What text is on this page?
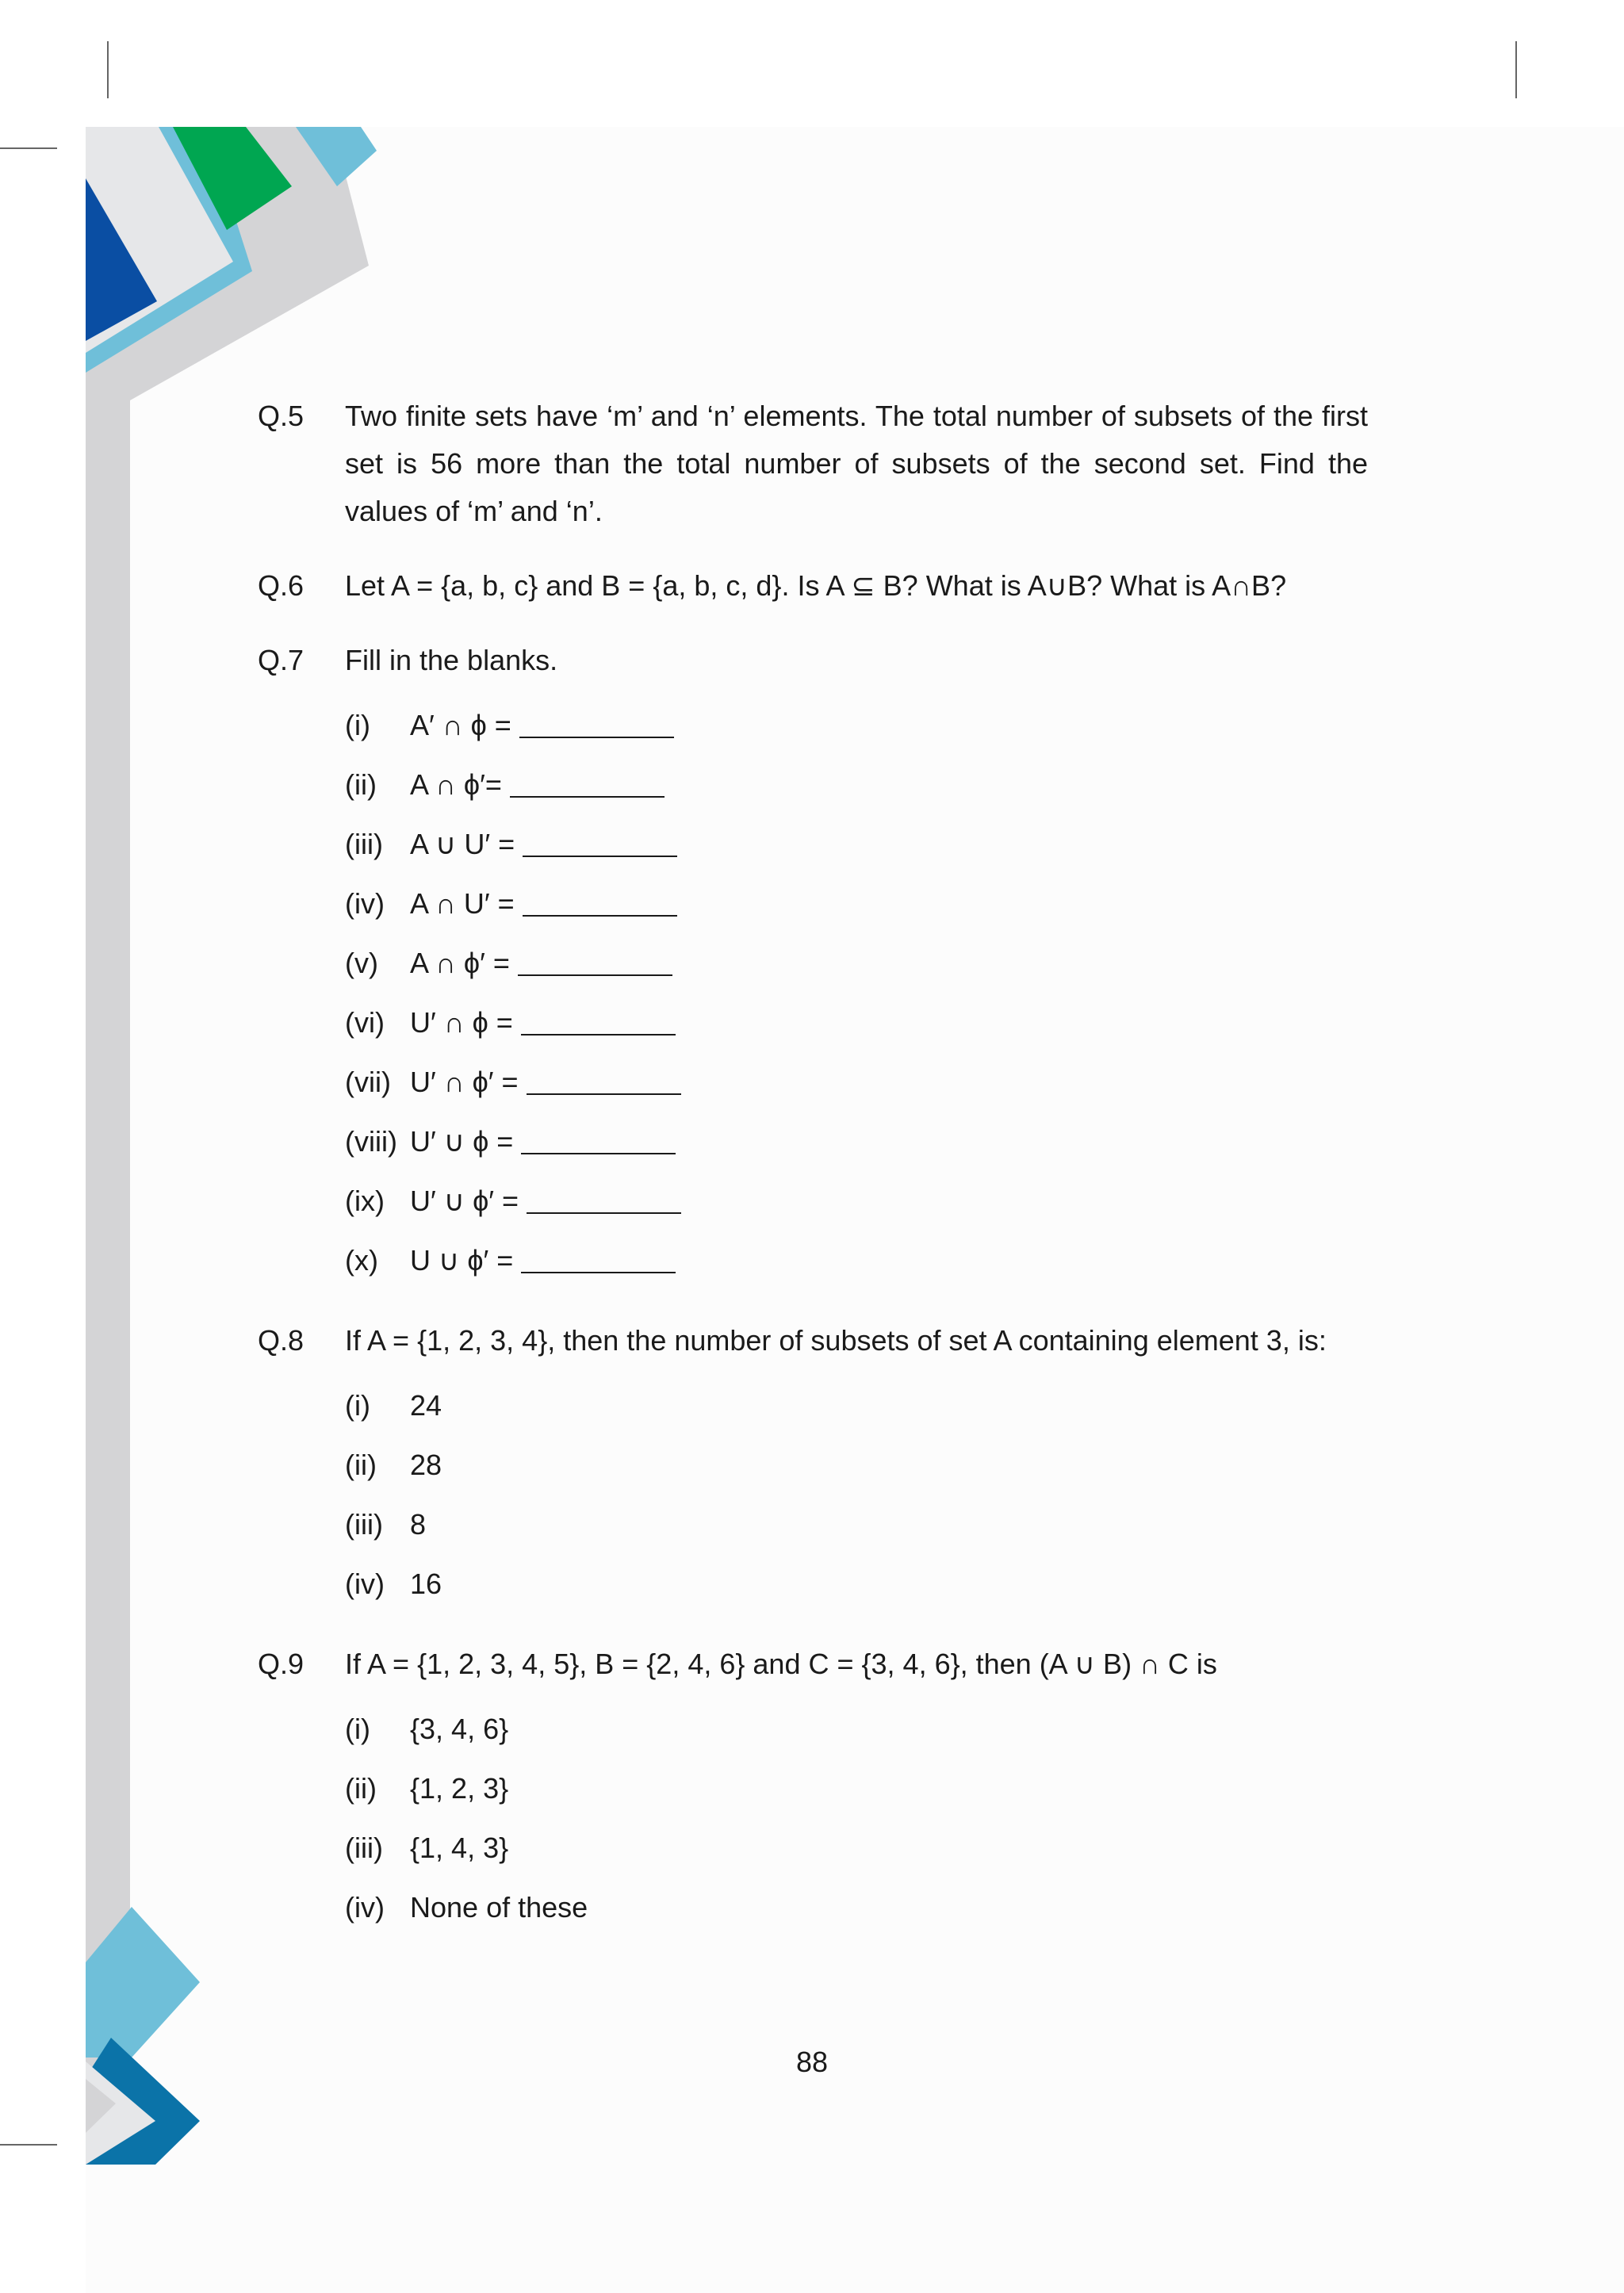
Q.5	Two finite sets have ‘m’ and ‘n’ elements. The total number of subsets of the first set is 56 more than the total number of subsets of the second set. Find the values of ‘m’ and ‘n’.
Q.6	Let A = {a, b, c} and B = {a, b, c, d}. Is A ⊆ B? What is A∪B? What is A∩B?
Q.7	Fill in the blanks.
(i)	A′ ∩ ϕ =
(ii)	A ∩ ϕ′=
(iii) A ∪ U′ =
(iv) A ∩ U′ =
(v)	A ∩ ϕ′ =
(vi) U′ ∩ ϕ =
(vii) U′ ∩ ϕ′ =
(viii) U′ ∪ ϕ =
(ix) U′ ∪ ϕ′ =
(x)	U ∪ ϕ′ =
Q.8	If A = {1, 2, 3, 4}, then the number of subsets of set A containing element 3, is:
(i)	24
(ii)	28
(iii) 8
(iv) 16
Q.9	If A = {1, 2, 3, 4, 5}, B = {2, 4, 6} and C = {3, 4, 6}, then (A ∪ B) ∩ C is
(i)	{3, 4, 6}
(ii)	{1, 2, 3}
(iii) {1, 4, 3}
(iv) None of these
88
